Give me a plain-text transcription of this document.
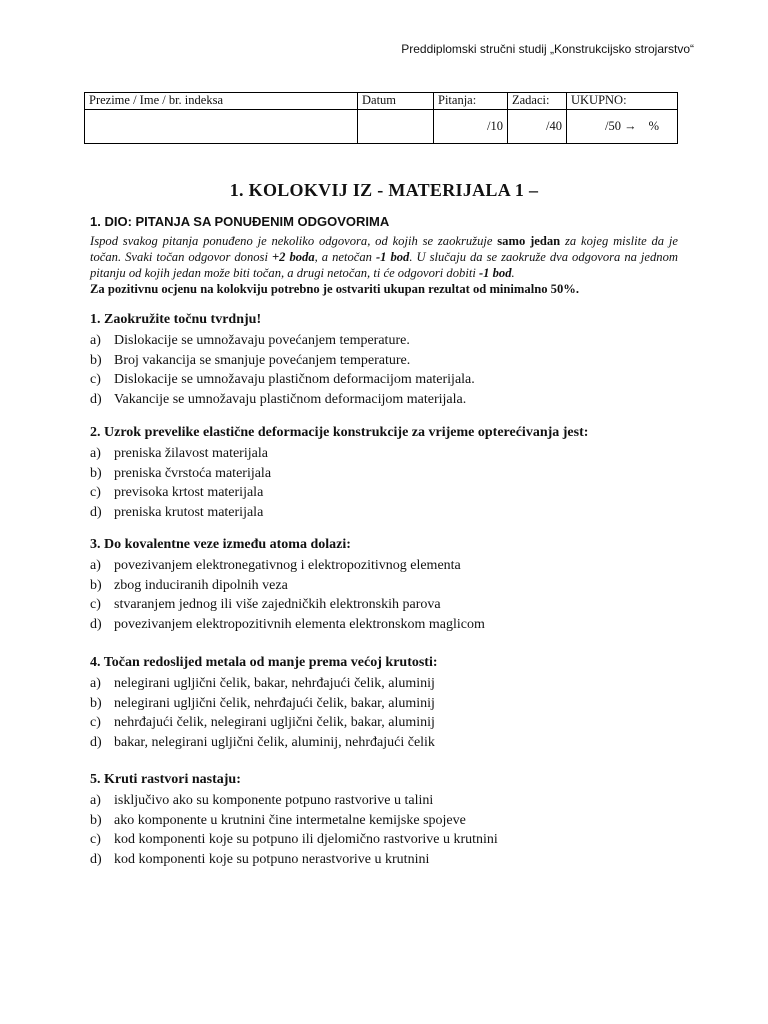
Preddiplomski stručni studij „Konstrukcijsko strojarstvo“
Prezime / Ime / br. indeksa	Datum	Pitanja:	Zadaci:	UKUPNO:
		/10	/40	/50 → %
1. KOLOKVIJ IZ - MATERIJALA 1 –
1. DIO: PITANJA SA PONUĐENIM ODGOVORIMA
Ispod svakog pitanja ponuđeno je nekoliko odgovora, od kojih se zaokružuje samo jedan za kojeg mislite da je točan. Svaki točan odgovor donosi +2 boda, a netočan -1 bod. U slučaju da se zaokruže dva odgovora na jednom pitanju od kojih jedan može biti točan, a drugi netočan, ti će odgovori dobiti -1 bod.
Za pozitivnu ocjenu na kolokviju potrebno je ostvariti ukupan rezultat od minimalno 50%.
1. Zaokružite točnu tvrdnju!
a) Dislokacije se umnožavaju povećanjem temperature.
b) Broj vakancija se smanjuje povećanjem temperature.
c) Dislokacije se umnožavaju plastičnom deformacijom materijala.
d) Vakancije se umnožavaju plastičnom deformacijom materijala.
2. Uzrok prevelike elastične deformacije konstrukcije za vrijeme opterećivanja jest:
a) preniska žilavost materijala
b) preniska čvrstoća materijala
c) previsoka krtost materijala
d) preniska krutost materijala
3. Do kovalentne veze između atoma dolazi:
a) povezivanjem elektronegativnog i elektropozitivnog elementa
b) zbog induciranih dipolnih veza
c) stvaranjem jednog ili više zajedničkih elektronskih parova
d) povezivanjem elektropozitivnih elementa elektronskom maglicom
4. Točan redoslijed metala od manje prema većoj krutosti:
a) nelegirani ugljični čelik, bakar, nehrđajući čelik, aluminij
b) nelegirani ugljični čelik, nehrđajući čelik, bakar, aluminij
c) nehrđajući čelik, nelegirani ugljični čelik, bakar, aluminij
d) bakar, nelegirani ugljični čelik, aluminij, nehrđajući čelik
5. Kruti rastvori nastaju:
a) isključivo ako su komponente potpuno rastvorive u talini
b) ako komponente u krutnini čine intermetalne kemijske spojeve
c) kod komponenti koje su potpuno ili djelomično rastvorive u krutnini
d) kod komponenti koje su potpuno nerastvorive u krutnini
